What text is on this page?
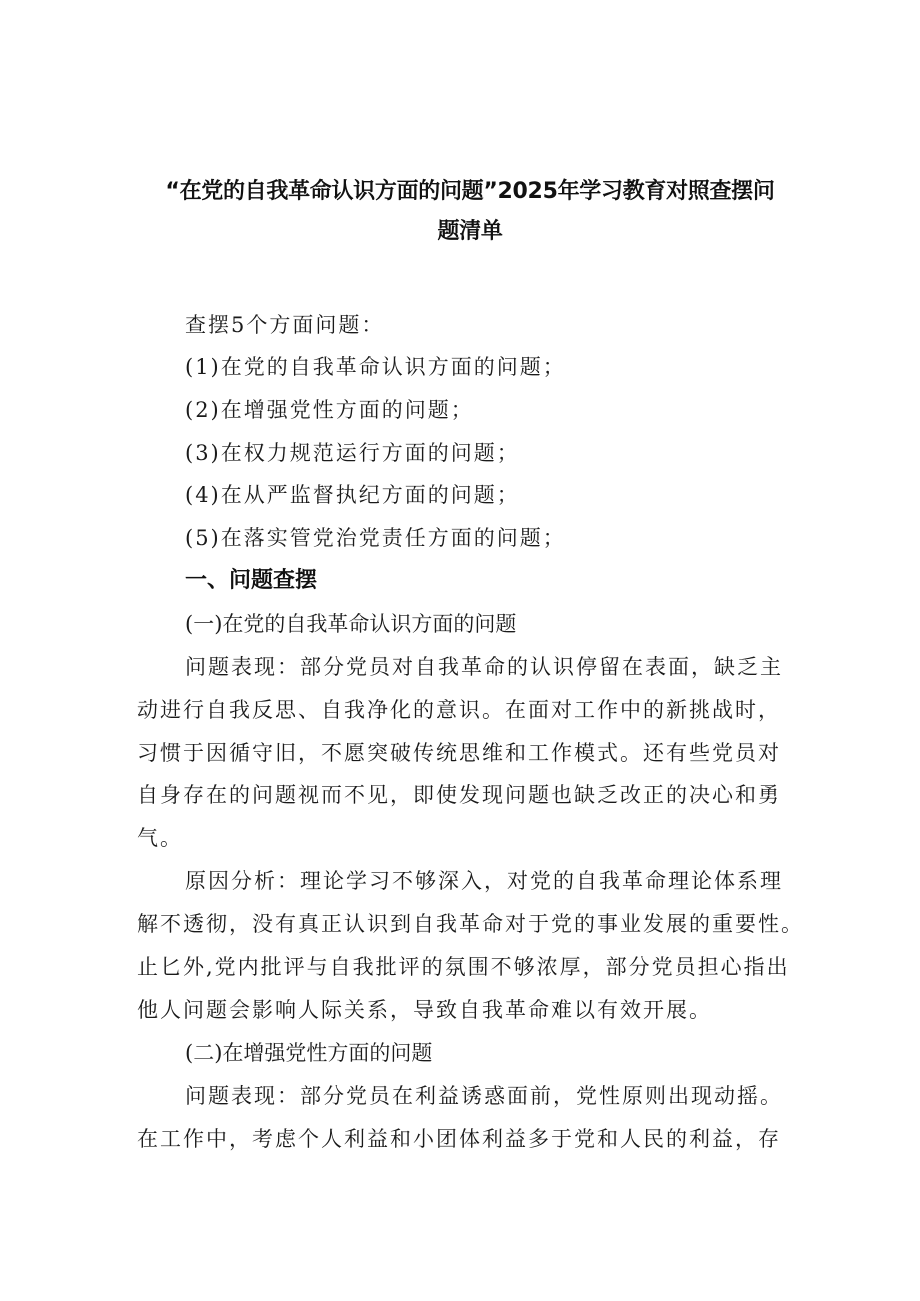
“在党的自我革命认识方面的问题”2025年学习教育对照查摆问
题清单
查摆5个方面问题：
(1)在党的自我革命认识方面的问题；
(2)在增强党性方面的问题；
(3)在权力规范运行方面的问题；
(4)在从严监督执纪方面的问题；
(5)在落实管党治党责任方面的问题；
一、问题查摆
(一)在党的自我革命认识方面的问题
问题表现：部分党员对自我革命的认识停留在表面，缺乏主
动进行自我反思、自我净化的意识。在面对工作中的新挑战时，
习惯于因循守旧，不愿突破传统思维和工作模式。还有些党员对
自身存在的问题视而不见，即使发现问题也缺乏改正的决心和勇
气。
原因分析：理论学习不够深入，对党的自我革命理论体系理
解不透彻，没有真正认识到自我革命对于党的事业发展的重要性。
止匕外,党内批评与自我批评的氛围不够浓厚，部分党员担心指出
他人问题会影响人际关系，导致自我革命难以有效开展。
(二)在增强党性方面的问题
问题表现：部分党员在利益诱惑面前，党性原则出现动摇。
在工作中，考虑个人利益和小团体利益多于党和人民的利益，存
